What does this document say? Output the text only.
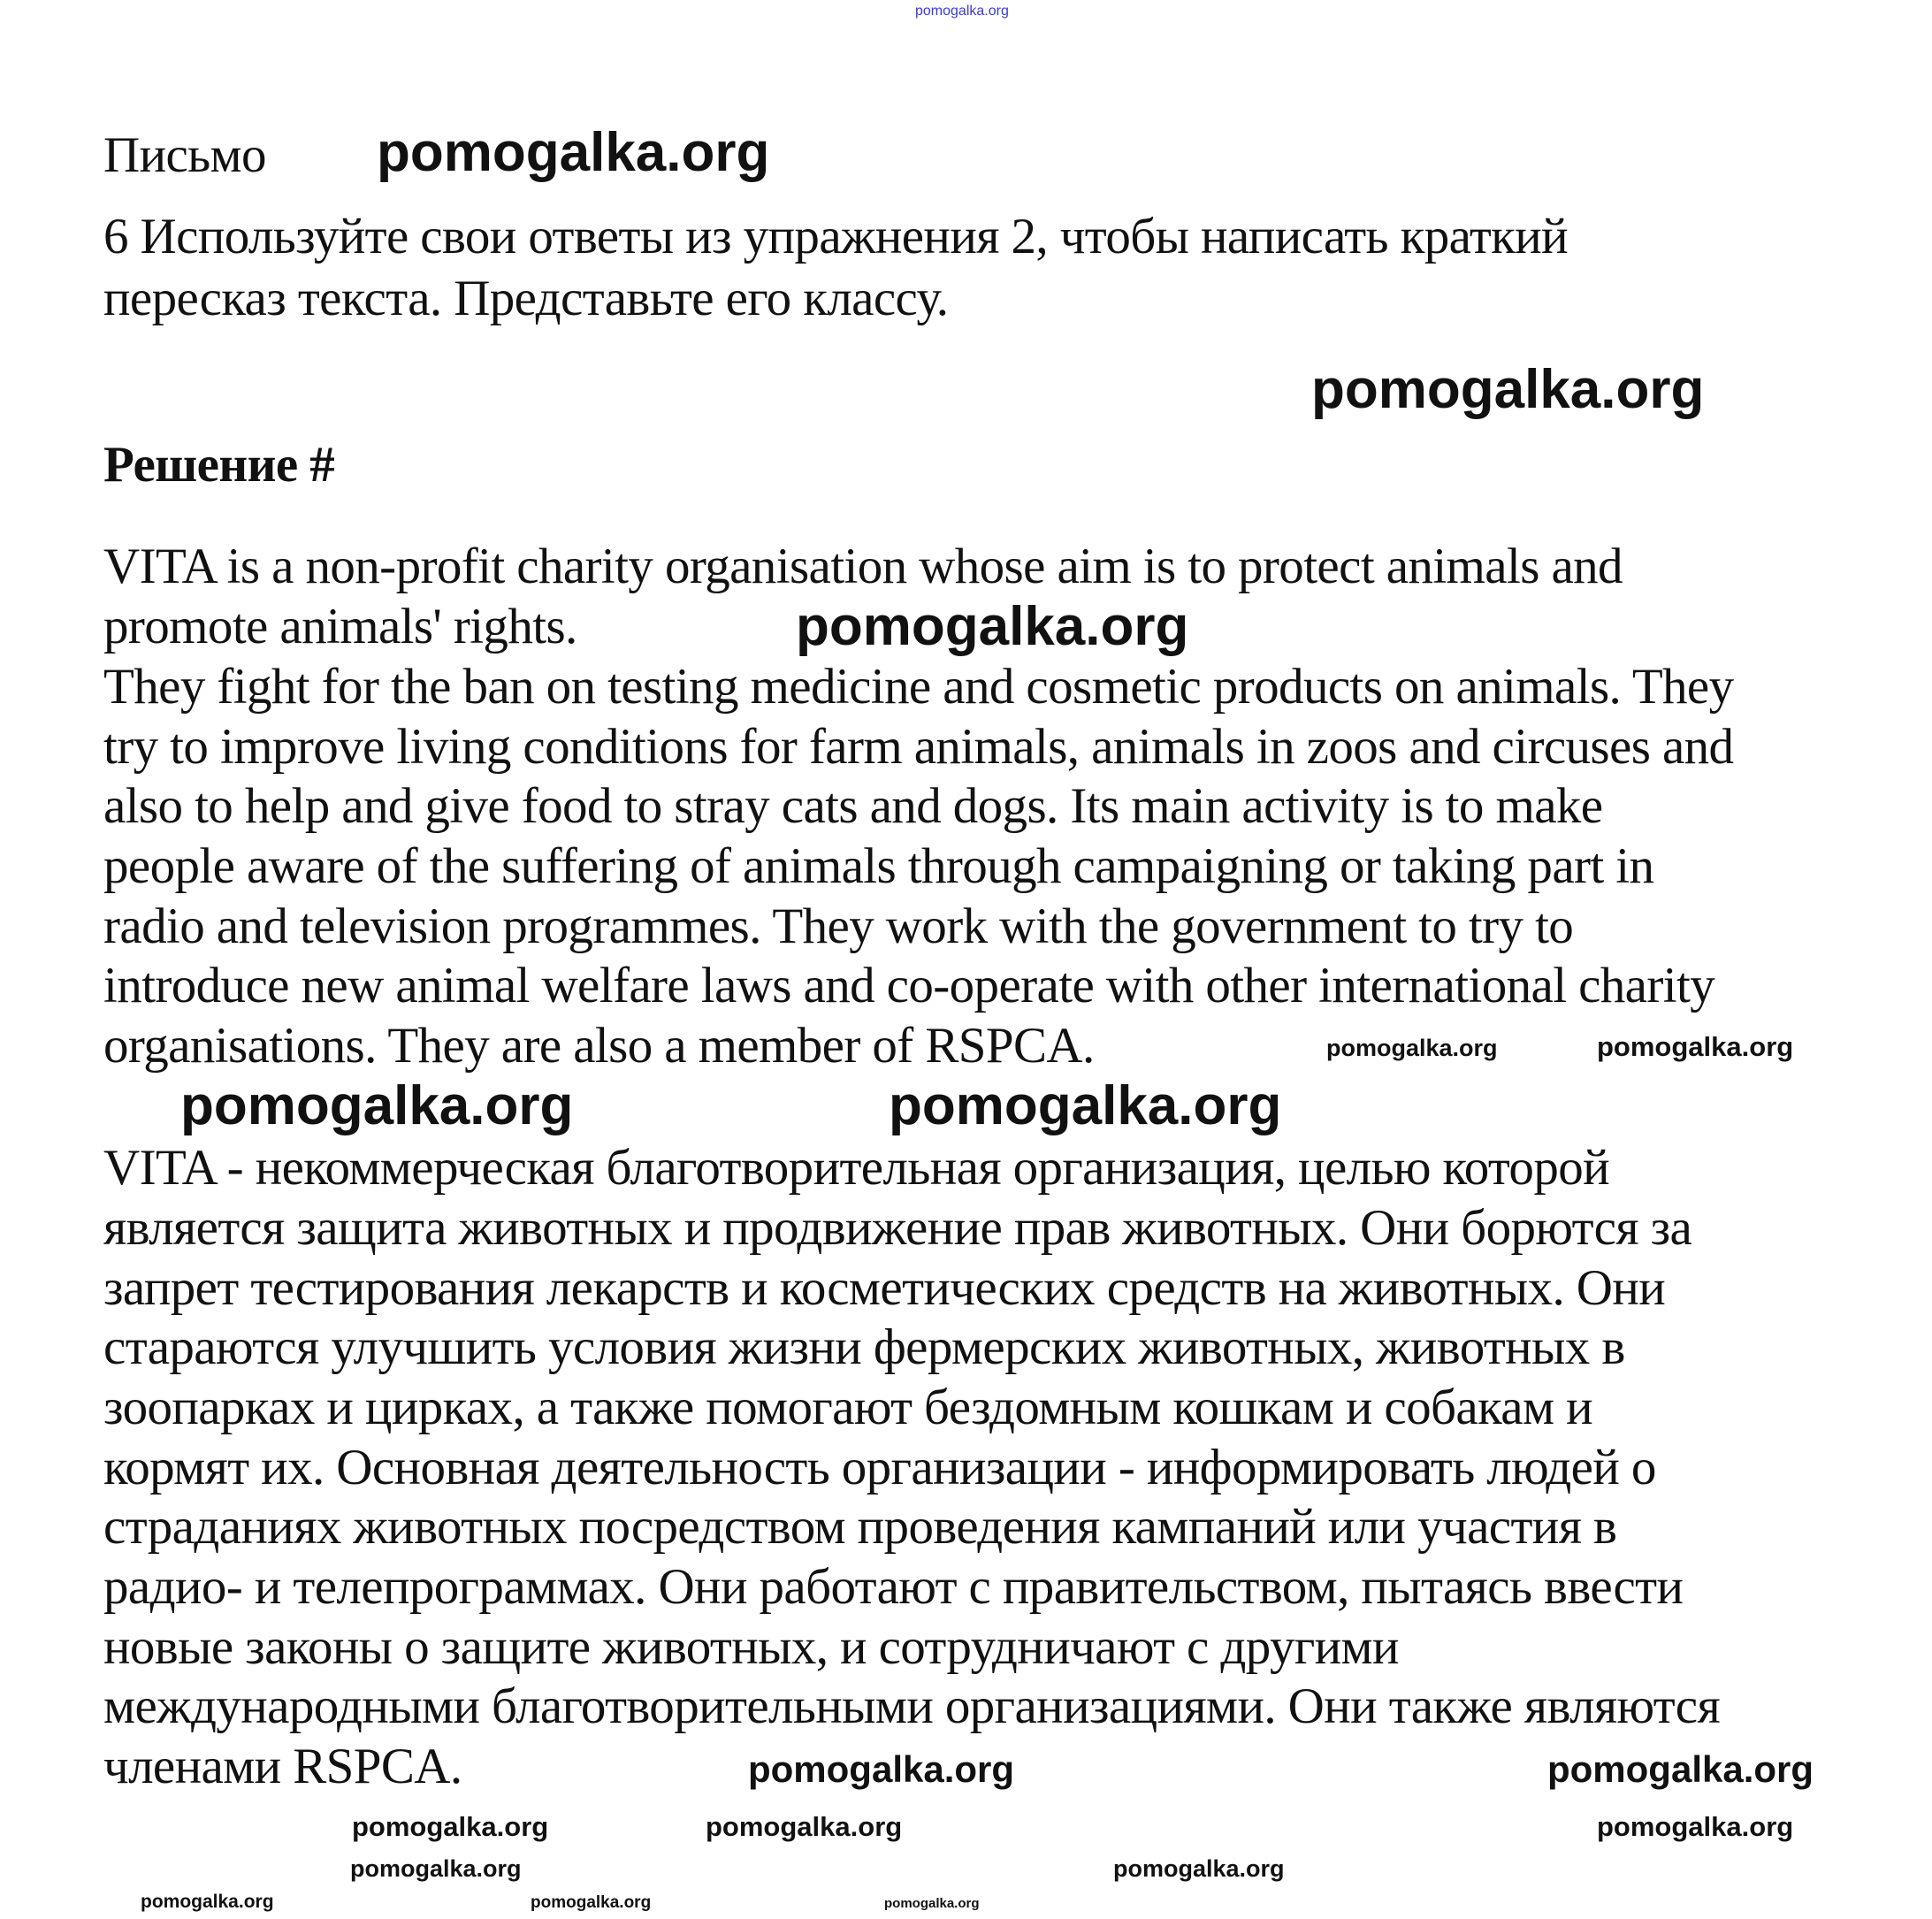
pomogalka.org
Письмо
6 Используйте свои ответы из упражнения 2, чтобы написать краткий
пересказ текста. Представьте его классу.
Решение #
VITA is a non-profit charity organisation whose aim is to protect animals and
promote animals' rights.
They fight for the ban on testing medicine and cosmetic products on animals. They
try to improve living conditions for farm animals, animals in zoos and circuses and
also to help and give food to stray cats and dogs. Its main activity is to make
people aware of the suffering of animals through campaigning or taking part in
radio and television programmes. They work with the government to try to
introduce new animal welfare laws and co-operate with other international charity
organisations. They are also a member of RSPCA.
VITA - некоммерческая благотворительная организация, целью которой
является защита животных и продвижение прав животных. Они борются за
запрет тестирования лекарств и косметических средств на животных. Они
стараются улучшить условия жизни фермерских животных, животных в
зоопарках и цирках, а также помогают бездомным кошкам и собакам и
кормят их. Основная деятельность организации - информировать людей о
страданиях животных посредством проведения кампаний или участия в
радио- и телепрограммах. Они работают с правительством, пытаясь ввести
новые законы о защите животных, и сотрудничают с другими
международными благотворительными организациями. Они также являются
членами RSPCA.
pomogalka.org
pomogalka.org
pomogalka.org
pomogalka.org	pomogalka.org
pomogalka.org
pomogalka.org
pomogalka.org
pomogalka.org
pomogalka.org	pomogalka.org
pomogalka.org
pomogalka.org
pomogalka.org
pomogalka.org	pomogalka.org	pomogalka.org
